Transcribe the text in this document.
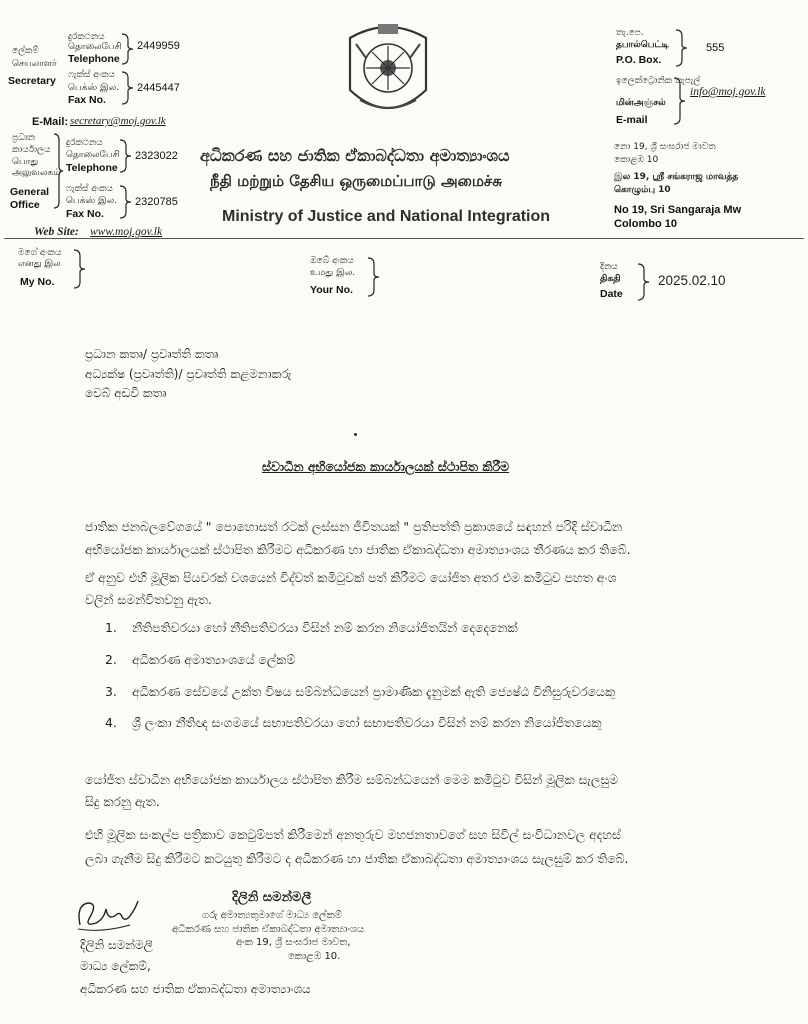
දුරකථනය
தொலைபேசி
Telephone
ලේකම්
செயலாளர்
Secretary
2449959
ෆැක්ස් අංකය
பெக்ஸ் இல.
Fax No.
2445447
E-Mail: secretary@moj.gov.lk
ප්‍රධාන
කාර්යාලය
பொது
அலுவலகம்
General
Office
දුරකථනය
தொலைபேசி
Telephone
2323022
ෆැක්ස් අංකය
பெக்ஸ் இல.
Fax No.
2320785
Web Site: www.moj.gov.lk
අධිකරණ සහ ජාතික ඒකාබද්ධතා අමාත්‍යාංශය
நீதி மற்றும் தேசிய ஒருமைப்பாடு அமைச்சு
Ministry of Justice and National Integration
තැ.පෙ.
தபால்பெட்டி
P.O. Box.
555
ඉලෙක්ට්‍රොනික තැපැල්
மின்அஞ்சல்
E-mail
info@moj.gov.lk
නො 19, ශ්‍රී සංඝරාජ මාවත
කොළඹ 10
இல 19, ஸ்ரீ சங்கராஜ மாவத்த
கொழும்பு 10
No 19, Sri Sangaraja Mw
Colombo 10
මගේ අංකය
எனது இல
My No.
ඔබේ අංකය
உமது இல.
Your No.
දිනය
திகதி
Date
2025.02.10
ප්‍රධාන කතෘ/ ප්‍රවෘත්ති කතෘ
අධ්‍යක්ෂ (ප්‍රවෘත්ති)/ ප්‍රවෘත්ති කළමනාකරු
වෙබ් අඩවි කතෘ
ස්වාධීන අභියෝජක කාර්යාලයක් ස්ථාපිත කිරීම
ජාතික ජනබලවේගයේ " පොහොසත් රටක් ලස්සන ජීවිතයක් " ප්‍රතිපත්ති ප්‍රකාශයේ සඳහන් පරිදි ස්වාධීන
අභියෝජක කාර්යාලයක් ස්ථාපිත කිරීමට අධිකරණ හා ජාතික ඒකාබද්ධතා අමාත්‍යාංශය තීරණය කර තිබේ.
ඒ අනුව එහි මූලික පියවරක් වශයෙන් විද්වත් කමිටුවක් පත් කිරීමට යෝජිත අතර එම කමිටුව පහත අංශ
වලින් සමන්විතවනු ඇත.
1. නීතිපතිවරයා හෝ නීතිපතිවරයා විසින් නම් කරන නියෝජිතයින් දෙදෙනෙක්
2. අධිකරණ අමාත්‍යාංශයේ ලේකම්
3. අධිකරණ සේවයේ උක්ත විෂය සම්බන්ධයෙන් ප්‍රාමාණික දැනුමක් ඇති ජ්‍යෙෂ්ඨ විනිසුරුවරයෙකු
4. ශ්‍රී ලංකා නීතිඥ සංගමයේ සභාපතිවරයා හෝ සභාපතිවරයා විසින් නම් කරන නියෝජිතයෙකු
යෝජිත ස්වාධීන අභියෝජක කාර්යාලය ස්ථාපිත කිරීම සම්බන්ධයෙන් මෙම කමිටුව විසින් මූලික සැලසුම
සිදු කරනු ඇත.
එහි මූලික සංකල්ප පත්‍රිකාව කෙටුම්පත් කිරීමෙන් අනතුරුව මහජනතාවගේ සහ සිවිල් සංවිධානවල අදහස්
ලබා ගැනීම සිදු කිරීමට කටයුතු කිරීමට ද අධිකරණ හා ජාතික ඒකාබද්ධතා අමාත්‍යාංශය සැලසුම් කර තිබේ.
දිලිනි සමන්මලී
ගරු අමාත්‍යතුමාගේ මාධ්‍ය ලේකම්
අධිකරණ සහ ජාතික ඒකාබද්ධතා අමාත්‍යාංශය
අංක 19, ශ්‍රී සංඝරාජ මාවත,
කොළඹ 10.
දිලිනි සමන්මලී
මාධ්‍ය ලේකම්,
අධිකරණ සහ ජාතික ඒකාබද්ධතා අමාත්‍යාංශය
